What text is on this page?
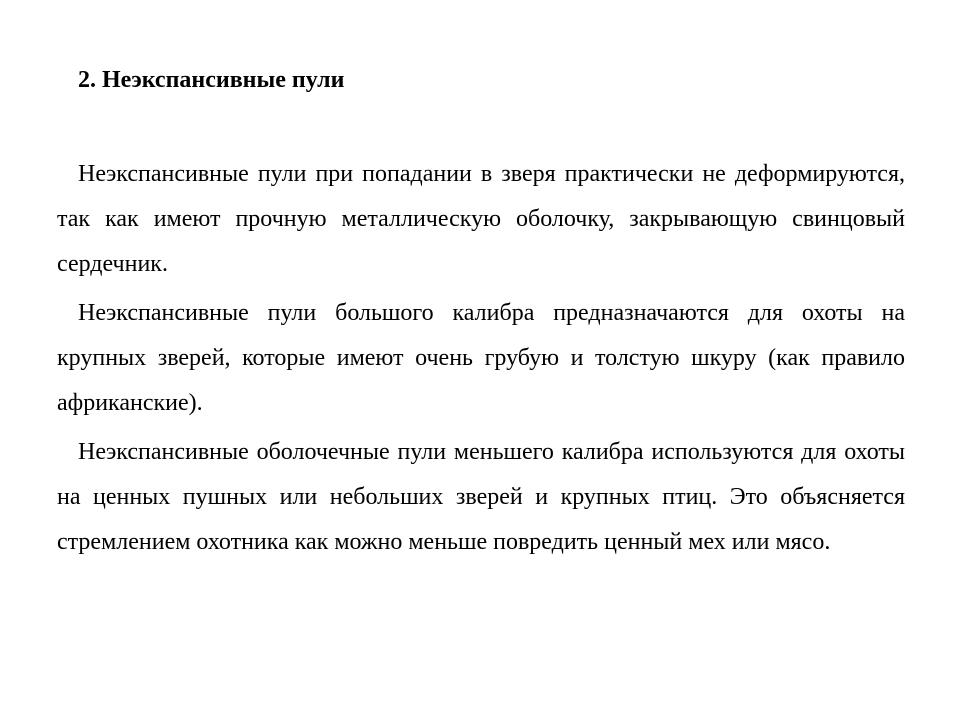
2. Неэкспансивные пули

Неэкспансивные пули при попадании в зверя практически не деформируются, так как имеют прочную металлическую оболочку, закрывающую свинцовый сердечник.

Неэкспансивные пули большого калибра предназначаются для охоты на крупных зверей, которые имеют очень грубую и толстую шкуру (как правило африканские).

Неэкспансивные оболочечные пули меньшего калибра используются для охоты на ценных пушных или небольших зверей и крупных птиц. Это объясняется стремлением охотника как можно меньше повредить ценный мех или мясо.
